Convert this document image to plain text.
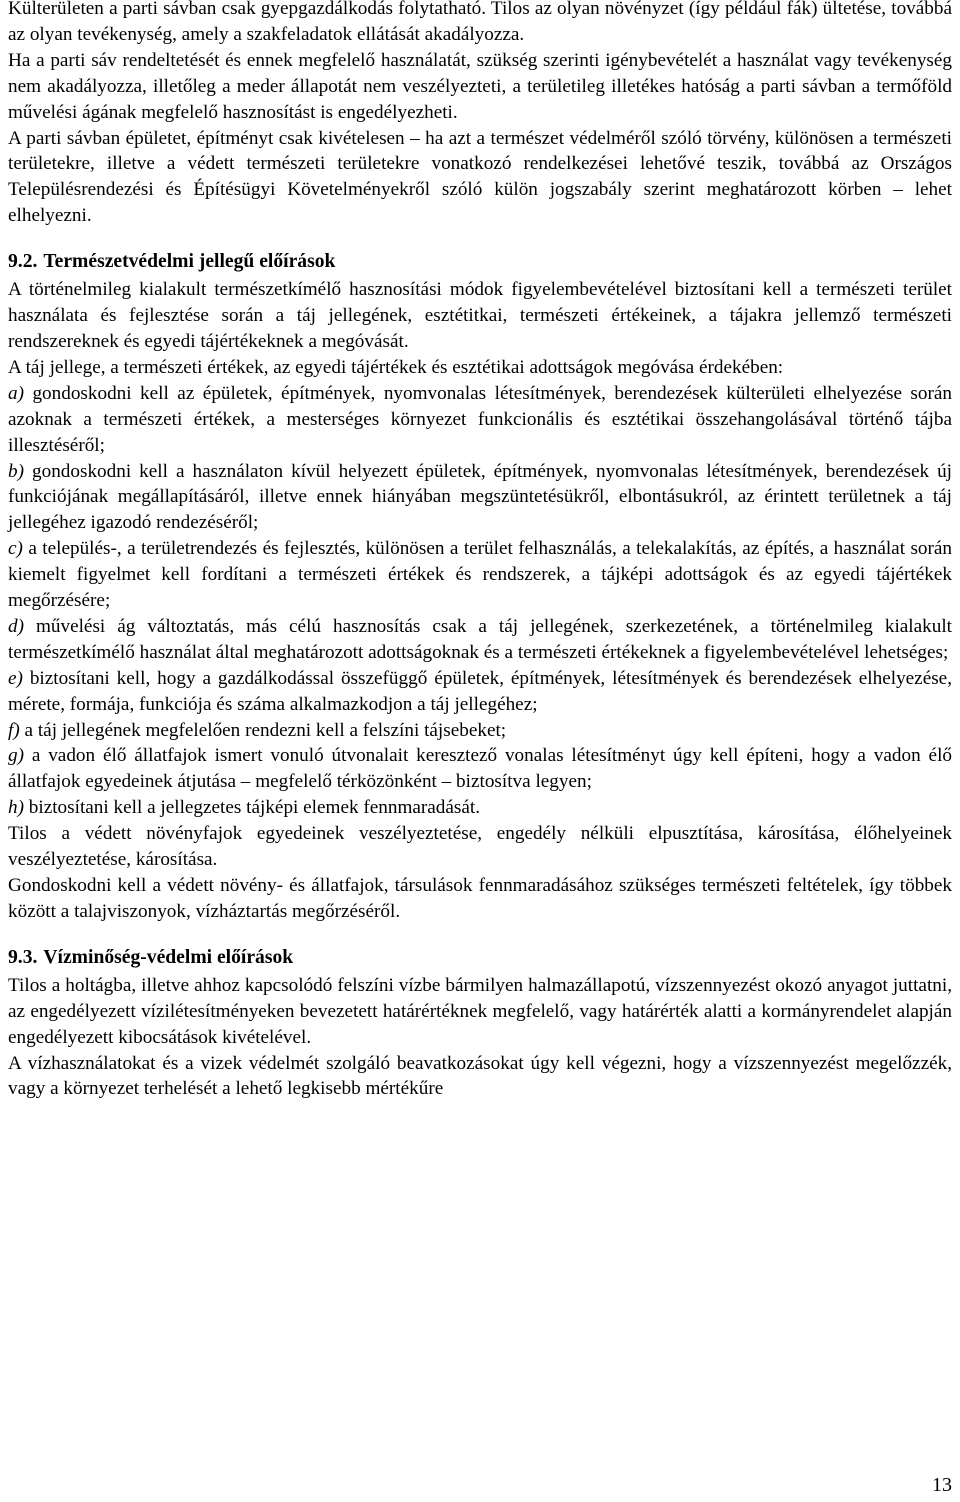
Külterületen a parti sávban csak gyepgazdálkodás folytatható. Tilos az olyan növényzet (így például fák) ültetése, továbbá az olyan tevékenység, amely a szakfeladatok ellátását akadályozza.

Ha a parti sáv rendeltetését és ennek megfelelő használatát, szükség szerinti igénybevételét a használat vagy tevékenység nem akadályozza, illetőleg a meder állapotát nem veszélyezteti, a területileg illetékes hatóság a parti sávban a termőföld művelési ágának megfelelő hasznosítást is engedélyezheti.

A parti sávban épületet, építményt csak kivételesen – ha azt a természet védelméről szóló törvény, különösen a természeti területekre, illetve a védett természeti területekre vonatkozó rendelkezései lehetővé teszik, továbbá az Országos Településrendezési és Építésügyi Követelményekről szóló külön jogszabály szerint meghatározott körben – lehet elhelyezni.

9.2. Természetvédelmi jellegű előírások

A történelmileg kialakult természetkímélő hasznosítási módok figyelembevételével biztosítani kell a természeti terület használata és fejlesztése során a táj jellegének, esztétitkai, természeti értékeinek, a tájakra jellemző természeti rendszereknek és egyedi tájértékeknek a megóvását.

A táj jellege, a természeti értékek, az egyedi tájértékek és esztétikai adottságok megóvása érdekében:

a) gondoskodni kell az épületek, építmények, nyomvonalas létesítmények, berendezések külterületi elhelyezése során azoknak a természeti értékek, a mesterséges környezet funkcionális és esztétikai összehangolásával történő tájba illesztéséről;

b) gondoskodni kell a használaton kívül helyezett épületek, építmények, nyomvonalas létesítmények, berendezések új funkciójának megállapításáról, illetve ennek hiányában megszüntetésükről, elbontásukról, az érintett területnek a táj jellegéhez igazodó rendezéséről;

c) a település-, a területrendezés és fejlesztés, különösen a terület felhasználás, a telekalakítás, az építés, a használat során kiemelt figyelmet kell fordítani a természeti értékek és rendszerek, a tájképi adottságok és az egyedi tájértékek megőrzésére;

d) művelési ág változtatás, más célú hasznosítás csak a táj jellegének, szerkezetének, a történelmileg kialakult természetkímélő használat által meghatározott adottságoknak és a természeti értékeknek a figyelembevételével lehetséges;

e) biztosítani kell, hogy a gazdálkodással összefüggő épületek, építmények, létesítmények és berendezések elhelyezése, mérete, formája, funkciója és száma alkalmazkodjon a táj jellegéhez;

f) a táj jellegének megfelelően rendezni kell a felszíni tájsebeket;

g) a vadon élő állatfajok ismert vonuló útvonalait keresztező vonalas létesítményt úgy kell építeni, hogy a vadon élő állatfajok egyedeinek átjutása – megfelelő térközönként – biztosítva legyen;

h) biztosítani kell a jellegzetes tájképi elemek fennmaradását.

Tilos a védett növényfajok egyedeinek veszélyeztetése, engedély nélküli elpusztítása, károsítása, élőhelyeinek veszélyeztetése, károsítása.

Gondoskodni kell a védett növény- és állatfajok, társulások fennmaradásához szükséges természeti feltételek, így többek között a talajviszonyok, vízháztartás megőrzéséről.

9.3. Vízminőség-védelmi előírások

Tilos a holtágba, illetve ahhoz kapcsolódó felszíni vízbe bármilyen halmazállapotú, vízszennyezést okozó anyagot juttatni, az engedélyezett vízilétesítményeken bevezetett határértéknek megfelelő, vagy határérték alatti a kormányrendelet alapján engedélyezett kibocsátások kivételével.

A vízhasználatokat és a vizek védelmét szolgáló beavatkozásokat úgy kell végezni, hogy a vízszennyezést megelőzzék, vagy a környezet terhelését a lehető legkisebb mértékűre

13
